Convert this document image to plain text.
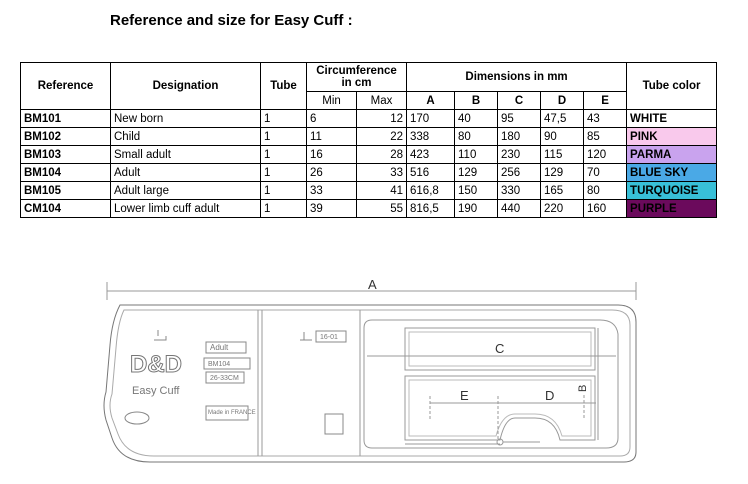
Reference and size for Easy Cuff :
Reference	Designation	Tube	Circumference in cm		Dimensions in mm					Tube color
			Min	Max	A	B	C	D	E	
BM101	New born	1	6	12	170	40	95	47,5	43	WHITE
BM102	Child	1	11	22	338	80	180	90	85	PINK
BM103	Small adult	1	16	28	423	110	230	115	120	PARMA
BM104	Adult	1	26	33	516	129	256	129	70	BLUE SKY
BM105	Adult large	1	33	41	616,8	150	330	165	80	TURQUOISE
CM104	Lower limb cuff adult	1	39	55	816,5	190	440	220	160	PURPLE
A
C
E	D B
D&D
Easy Cuff
Adult
BM104
26-33CM
Made in FRANCE
16-01
